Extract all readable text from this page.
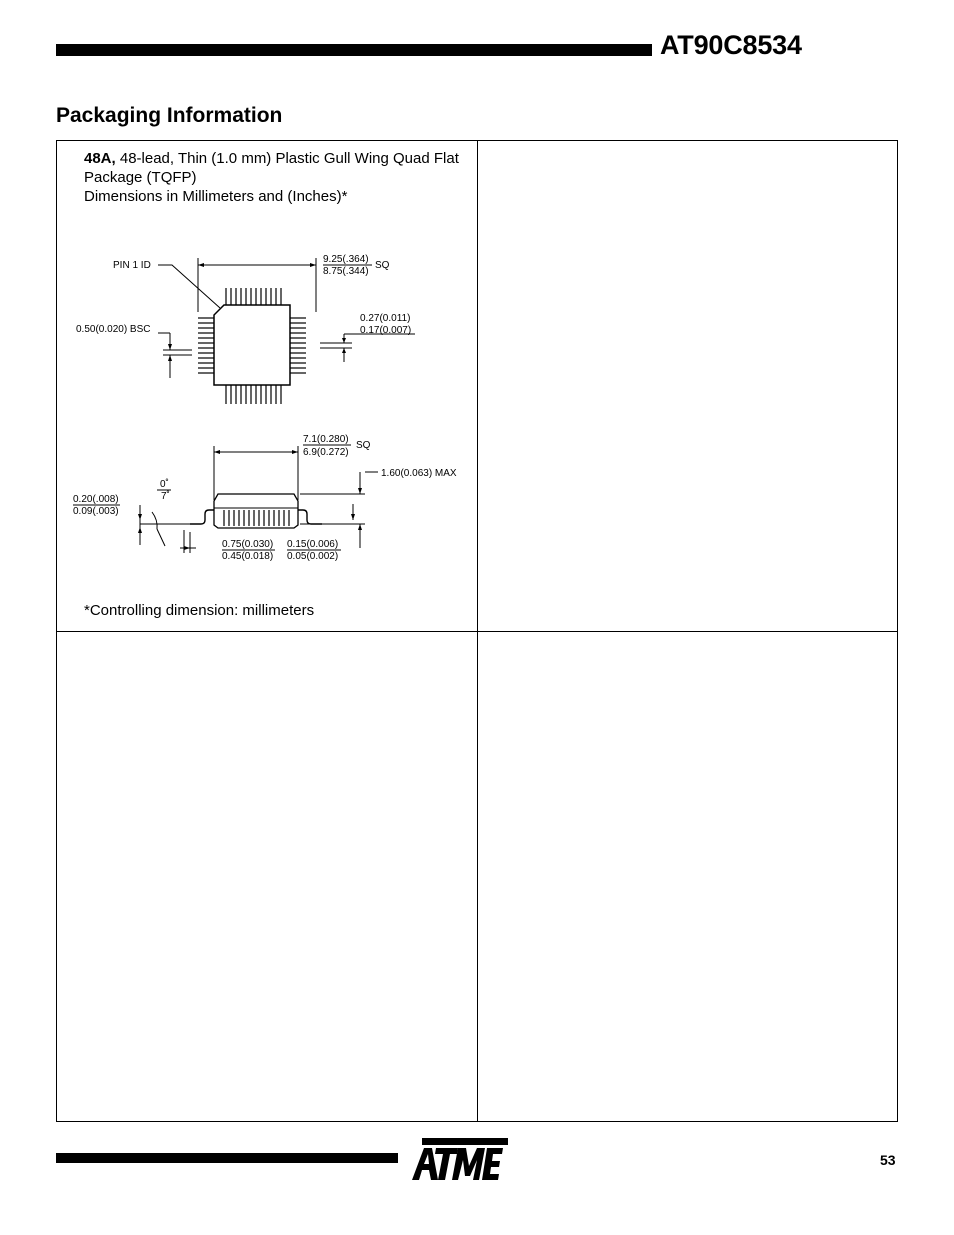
AT90C8534
Packaging Information
48A, 48-lead, Thin (1.0 mm) Plastic Gull Wing Quad Flat Package (TQFP)
Dimensions in Millimeters and (Inches)*
PIN 1 ID
9.25(.364)
8.75(.344)
SQ
0.50(0.020) BSC
0.27(0.011)
0.17(0.007)
7.1(0.280)
6.9(0.272)
SQ
1.60(0.063) MAX
0˚
7˚
0.20(.008)
0.09(.003)
0.75(0.030)
0.45(0.018)
0.15(0.006)
0.05(0.002)
*Controlling dimension: millimeters
53
